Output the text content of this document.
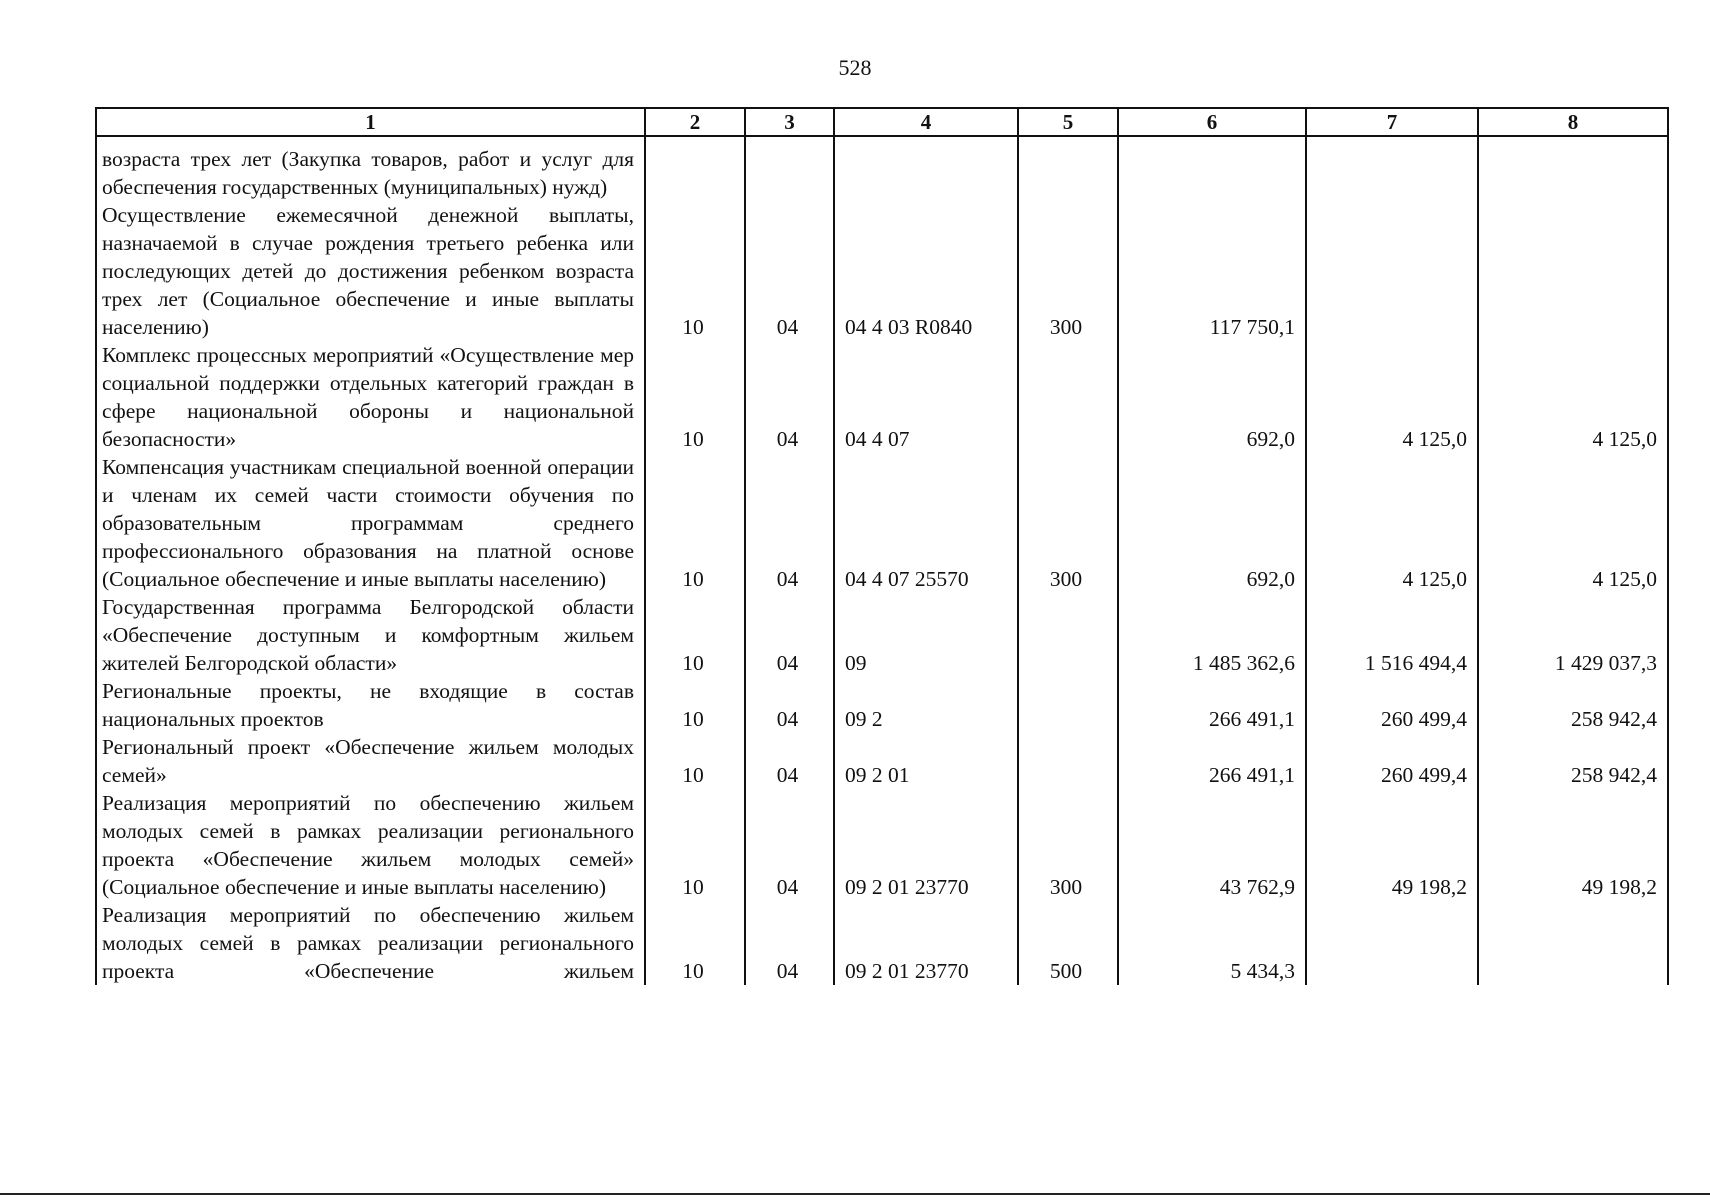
528
1	2	3	4	5	6	7	8
возраста трех лет (Закупка товаров, работ и услуг для обеспечения государственных (муниципальных) нужд)							
Осуществление ежемесячной денежной выплаты, назначаемой в случае рождения третьего ребенка или последующих детей до достижения ребенком возраста трех лет (Социальное обеспечение и иные выплаты населению)	10	04	04 4 03 R0840	300	117 750,1		
Комплекс процессных мероприятий «Осуществление мер социальной поддержки отдельных категорий граждан в сфере национальной обороны и национальной безопасности»	10	04	04 4 07		692,0	4 125,0	4 125,0
Компенсация участникам специальной военной операции и членам их семей части стоимости обучения по образовательным программам среднего профессионального образования на платной основе (Социальное обеспечение и иные выплаты населению)	10	04	04 4 07 25570	300	692,0	4 125,0	4 125,0
Государственная программа Белгородской области «Обеспечение доступным и комфортным жильем жителей Белгородской области»	10	04	09		1 485 362,6	1 516 494,4	1 429 037,3
Региональные проекты, не входящие в состав национальных проектов	10	04	09 2		266 491,1	260 499,4	258 942,4
Региональный проект «Обеспечение жильем молодых семей»	10	04	09 2 01		266 491,1	260 499,4	258 942,4
Реализация мероприятий по обеспечению жильем молодых семей в рамках реализации регионального проекта «Обеспечение жильем молодых семей» (Социальное обеспечение и иные выплаты населению)	10	04	09 2 01 23770	300	43 762,9	49 198,2	49 198,2
Реализация мероприятий по обеспечению жильем молодых семей в рамках реализации регионального проекта «Обеспечение жильем	10	04	09 2 01 23770	500	5 434,3		
